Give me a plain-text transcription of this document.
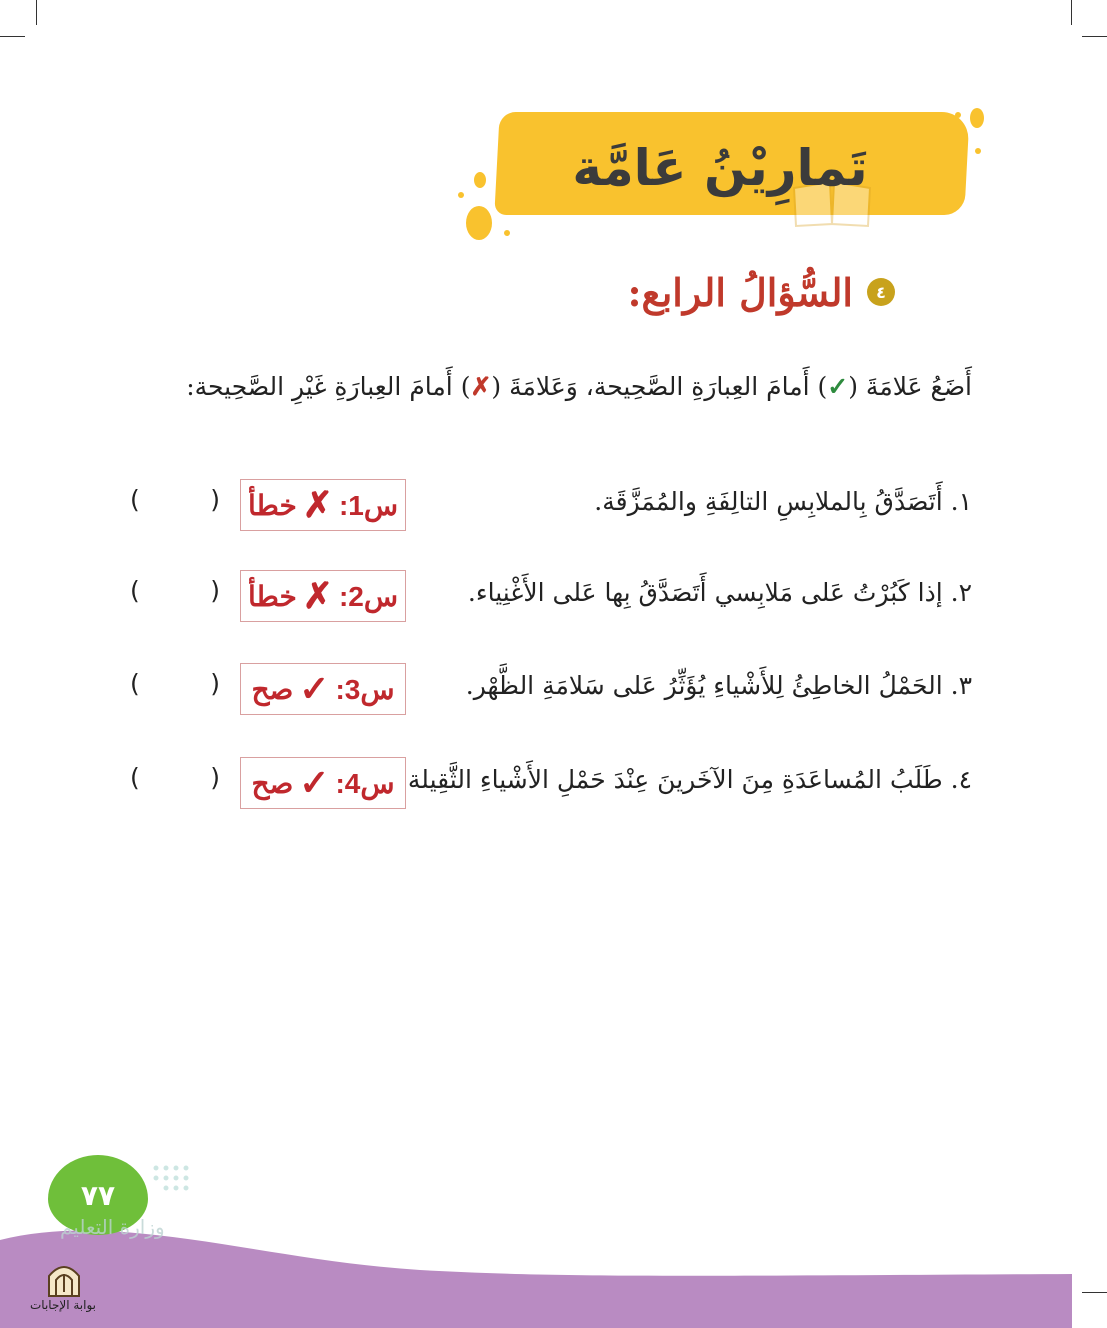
تَمارِيْنُ عَامَّة
٤
السُّؤالُ الرابع:
أَضَعُ عَلامَةَ (✓) أَمامَ العِبارَةِ الصَّحِيحة، وَعَلامَةَ (✗) أَمامَ العِبارَةِ غَيْرِ الصَّحِيحة:
١. أَتَصَدَّقُ بِالملابِسِ التالِفَةِ والمُمَزَّقَة.
س1:
✗
خطأ
(	)
٢. إذا كَبُرْتُ عَلى مَلابِسي أَتَصَدَّقُ بِها عَلى الأَغْنِياء.
س2:
✗
خطأ
(	)
٣. الحَمْلُ الخاطِئُ لِلأَشْياءِ يُؤَثِّرُ عَلى سَلامَةِ الظَّهْر.
س3:
✓
صح
(	)
٤. طَلَبُ المُساعَدَةِ مِنَ الآخَرينَ عِنْدَ حَمْلِ الأَشْياءِ الثَّقِيلة
س4:
✓
صح
(	)
٧٧
وزارة التعليم
بوابة الإجابات
